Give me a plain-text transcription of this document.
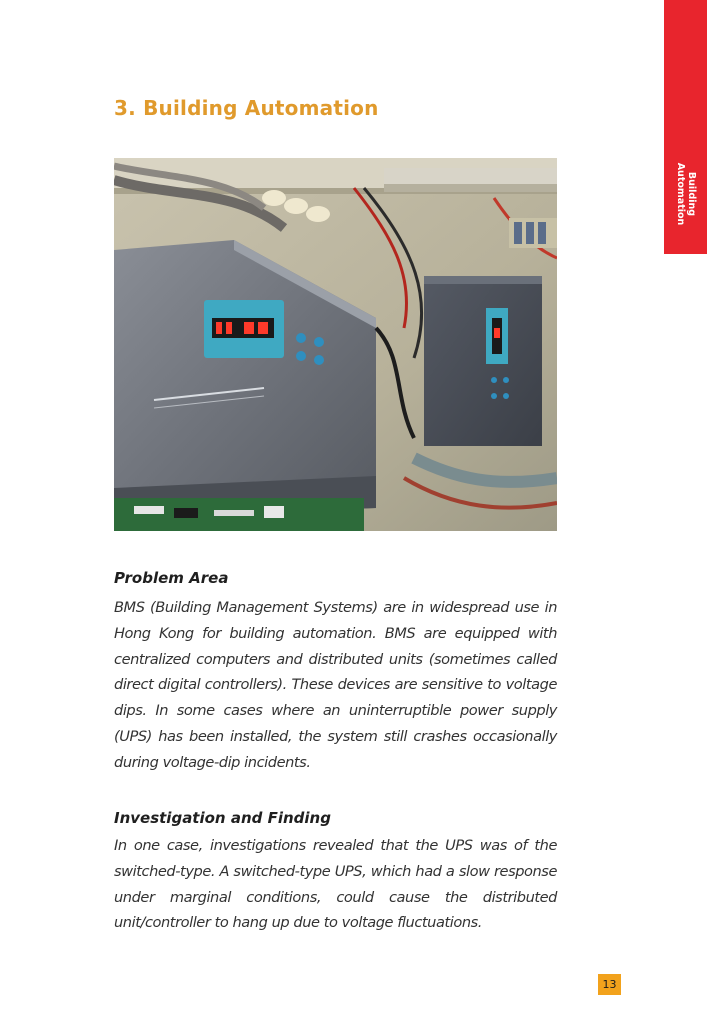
Building
Automation
3. Building Automation
Problem Area

BMS (Building Management Systems) are in widespread use in Hong Kong for building automation. BMS are equipped with centralized computers and distributed units (sometimes called direct digital controllers). These devices are sensitive to voltage dips. In some cases where an uninterruptible power supply (UPS) has been installed, the system still crashes occasionally during voltage-dip incidents.

Investigation and Finding

In one case, investigations revealed that the UPS was of the switched-type. A switched-type UPS, which had a slow response under marginal conditions, could cause the distributed unit/controller to hang up due to voltage fluctuations.

13
